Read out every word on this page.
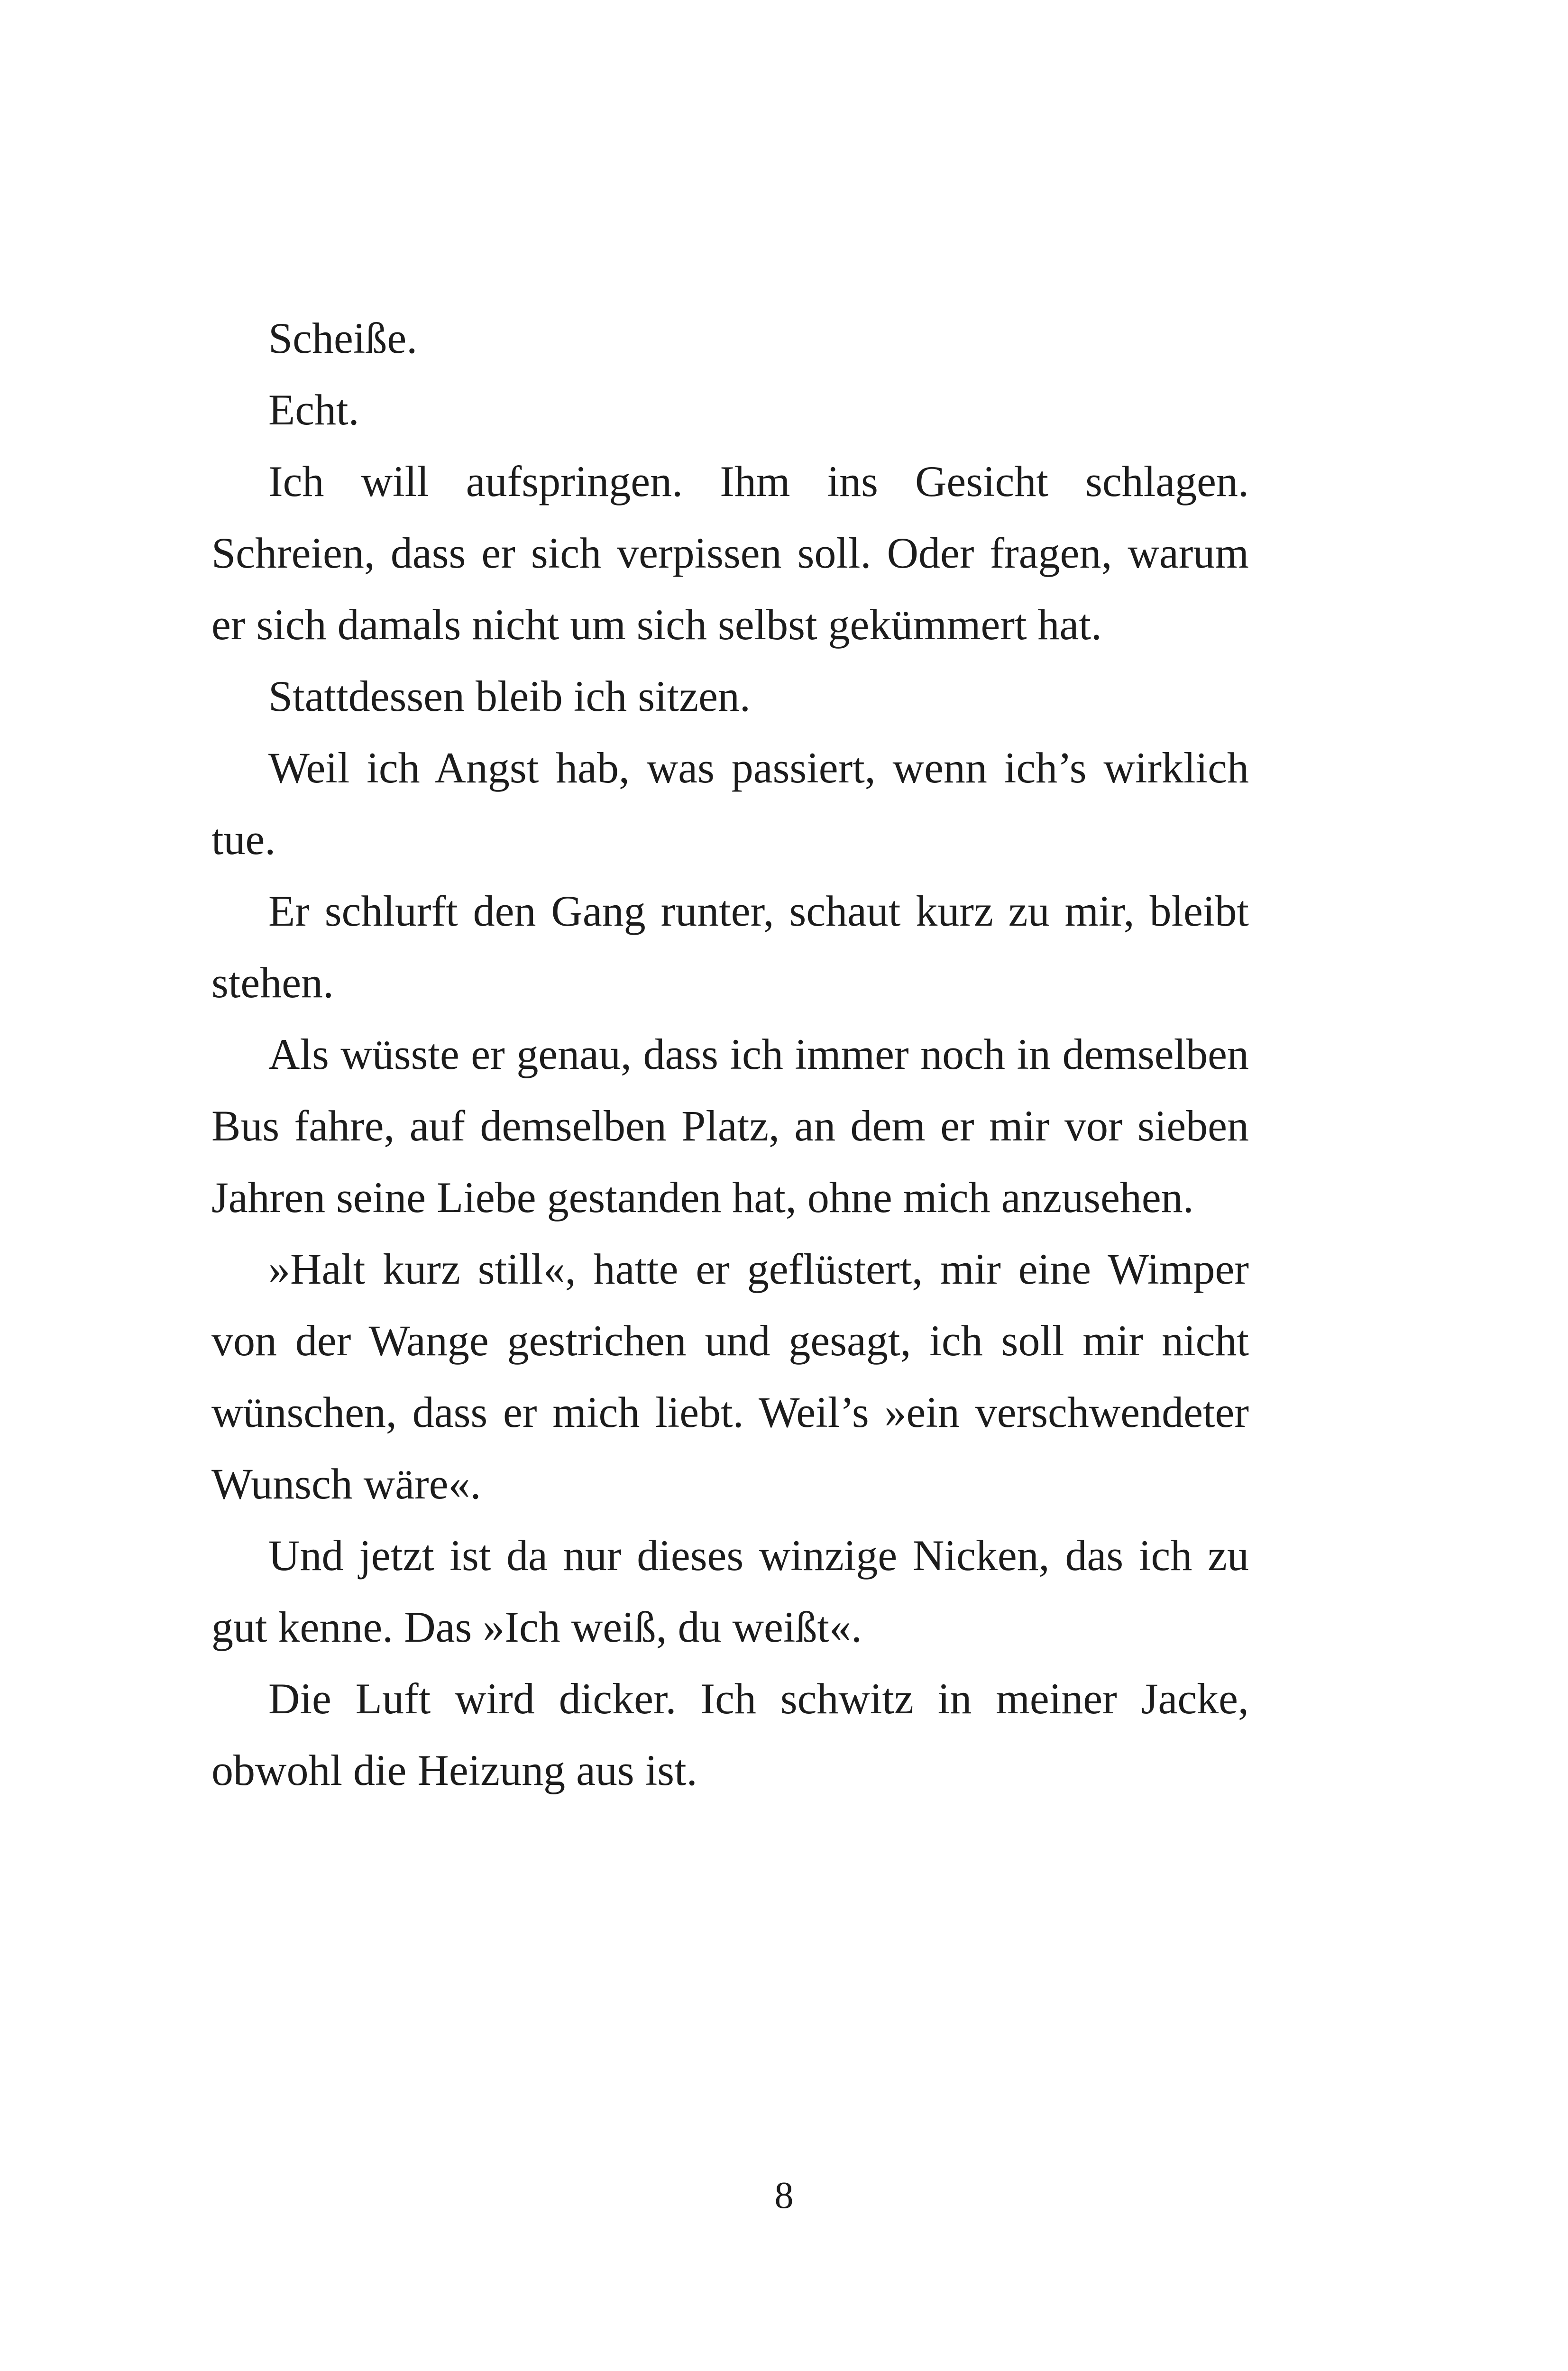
Scheiße.

Echt.

Ich will aufspringen. Ihm ins Gesicht schlagen. Schreien, dass er sich verpissen soll. Oder fragen, warum er sich damals nicht um sich selbst gekümmert hat.

Stattdessen bleib ich sitzen.

Weil ich Angst hab, was passiert, wenn ich’s wirklich tue.

Er schlurft den Gang runter, schaut kurz zu mir, bleibt stehen.

Als wüsste er genau, dass ich immer noch in demselben Bus fahre, auf demselben Platz, an dem er mir vor sieben Jahren seine Liebe gestanden hat, ohne mich anzusehen.

»Halt kurz still«, hatte er geflüstert, mir eine Wimper von der Wange gestrichen und gesagt, ich soll mir nicht wünschen, dass er mich liebt. Weil’s »ein verschwendeter Wunsch wäre«.

Und jetzt ist da nur dieses winzige Nicken, das ich zu gut kenne. Das »Ich weiß, du weißt«.

Die Luft wird dicker. Ich schwitz in meiner Jacke, obwohl die Heizung aus ist.

8
